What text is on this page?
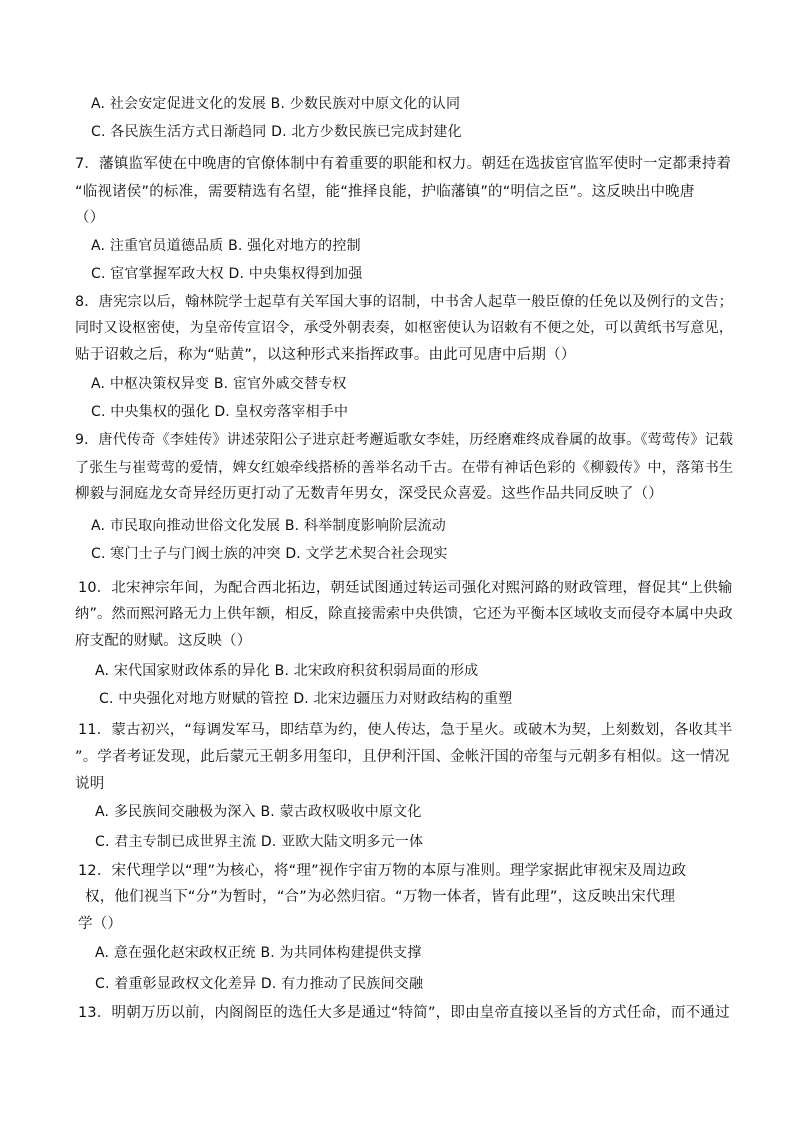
A. 社会安定促进文化的发展 B. 少数民族对中原文化的认同
C. 各民族生活方式日渐趋同 D. 北方少数民族已完成封建化
7．藩镇监军使在中晚唐的官僚体制中有着重要的职能和权力。朝廷在选拔宦官监军使时一定都秉持着
“临视诸侯”的标准，需要精选有名望，能“推择良能，护临藩镇”的“明信之臣”。这反映出中晚唐
（）
A. 注重官员道德品质 B. 强化对地方的控制
C. 宦官掌握军政大权 D. 中央集权得到加强
8．唐宪宗以后，翰林院学士起草有关军国大事的诏制，中书舍人起草一般臣僚的任免以及例行的文告；
同时又设枢密使，为皇帝传宣诏令，承受外朝表奏，如枢密使认为诏敕有不便之处，可以黄纸书写意见，
贴于诏敕之后，称为“贴黄”，以这种形式来指挥政事。由此可见唐中后期（）
A. 中枢决策权异变 B. 宦官外戚交替专权
C. 中央集权的强化 D. 皇权旁落宰相手中
9．唐代传奇《李娃传》讲述荥阳公子进京赶考邂逅歌女李娃，历经磨难终成眷属的故事。《莺莺传》记载
了张生与崔莺莺的爱情，婢女红娘牵线搭桥的善举名动千古。在带有神话色彩的《柳毅传》中，落第书生
柳毅与洞庭龙女奇异经历更打动了无数青年男女，深受民众喜爱。这些作品共同反映了（）
A. 市民取向推动世俗文化发展 B. 科举制度影响阶层流动
C. 寒门士子与门阀士族的冲突 D. 文学艺术契合社会现实
10．北宋神宗年间，为配合西北拓边，朝廷试图通过转运司强化对熙河路的财政管理，督促其“上供输
纳”。然而熙河路无力上供年额，相反，除直接需索中央供馈，它还为平衡本区域收支而侵夺本属中央政
府支配的财赋。这反映（）
A. 宋代国家财政体系的异化 B. 北宋政府积贫积弱局面的形成
C. 中央强化对地方财赋的管控 D. 北宋边疆压力对财政结构的重塑
11．蒙古初兴，“每调发军马，即结草为约，使人传达，急于星火。或破木为契，上刻数划，各收其半
”。学者考证发现，此后蒙元王朝多用玺印，且伊利汗国、金帐汗国的帝玺与元朝多有相似。这一情况
说明
A. 多民族间交融极为深入 B. 蒙古政权吸收中原文化
C. 君主专制已成世界主流 D. 亚欧大陆文明多元一体
12．宋代理学以“理”为核心，将“理”视作宇宙万物的本原与准则。理学家据此审视宋及周边政
权，他们视当下“分”为暂时，“合”为必然归宿。“万物一体者，皆有此理”，这反映出宋代理
学（）
A. 意在强化赵宋政权正统 B. 为共同体构建提供支撑
C. 着重彰显政权文化差异 D. 有力推动了民族间交融
13．明朝万历以前，内阁阁臣的选任大多是通过“特简”，即由皇帝直接以圣旨的方式任命，而不通过
